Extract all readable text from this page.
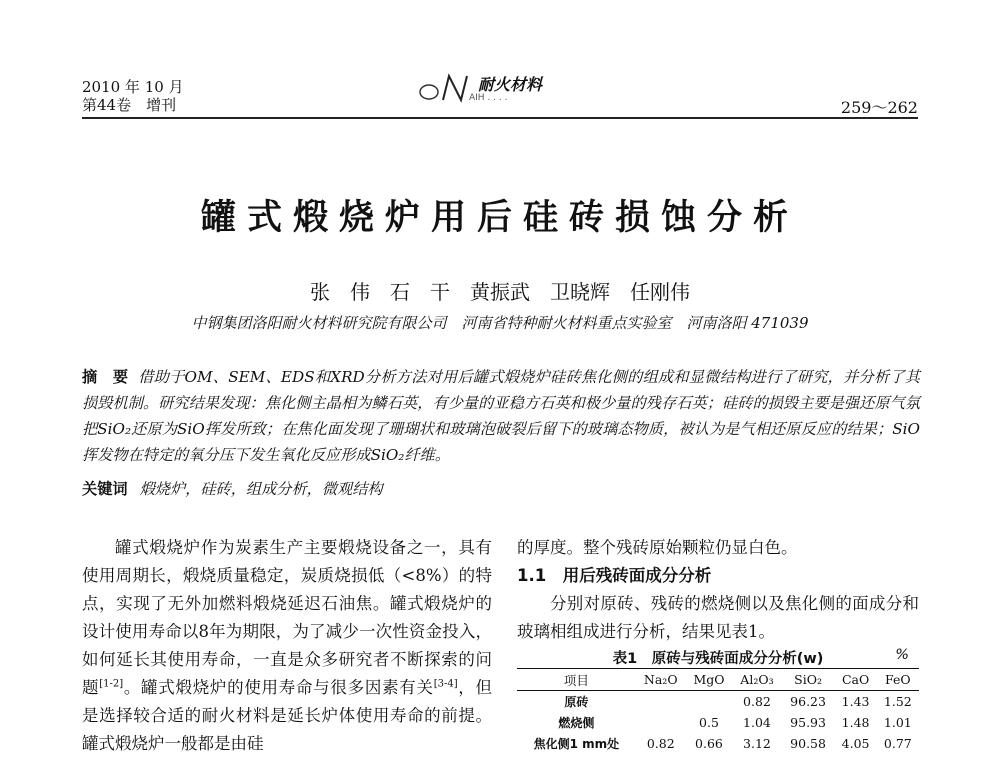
2010 年 10 月
第44卷　增刊	AIH . . . .
耐火材料
259～262
罐式煅烧炉用后硅砖损蚀分析
张　伟　石　干　黄振武　卫晓辉　任刚伟
中钢集团洛阳耐火材料研究院有限公司　河南省特种耐火材料重点实验室　河南洛阳 471039
摘　要 借助于OM、SEM、EDS和XRD分析方法对用后罐式煅烧炉硅砖焦化侧的组成和显微结构进行了研究，并分析了其损毁机制。研究结果发现：焦化侧主晶相为鳞石英，有少量的亚稳方石英和极少量的残存石英；硅砖的损毁主要是强还原气氛把SiO₂还原为SiO挥发所致；在焦化面发现了珊瑚状和玻璃泡破裂后留下的玻璃态物质，被认为是气相还原反应的结果；SiO挥发物在特定的氧分压下发生氧化反应形成SiO₂纤维。
关键词 煅烧炉，硅砖，组成分析，微观结构

罐式煅烧炉作为炭素生产主要煅烧设备之一，具有使用周期长，煅烧质量稳定，炭质烧损低（<8%）的特点，实现了无外加燃料煅烧延迟石油焦。罐式煅烧炉的设计使用寿命以8年为期限，为了减少一次性资金投入，如何延长其使用寿命，一直是众多研究者不断探索的问题[1-2]。罐式煅烧炉的使用寿命与很多因素有关[3-4]，但是选择较合适的耐火材料是延长炉体使用寿命的前提。罐式煅烧炉一般都是由硅

的厚度。整个残砖原始颗粒仍显白色。

1.1　用后残砖面成分分析

分别对原砖、残砖的燃烧侧以及焦化侧的面成分和玻璃相组成进行分析，结果见表1。

表1　原砖与残砖面成分分析(w)	%
项目	Na₂O	MgO	Al₂O₃	SiO₂	CaO	FeO
原砖			0.82	96.23	1.43	1.52
燃烧侧		0.5	1.04	95.93	1.48	1.01
焦化侧1 mm处	0.82	0.66	3.12	90.58	4.05	0.77
